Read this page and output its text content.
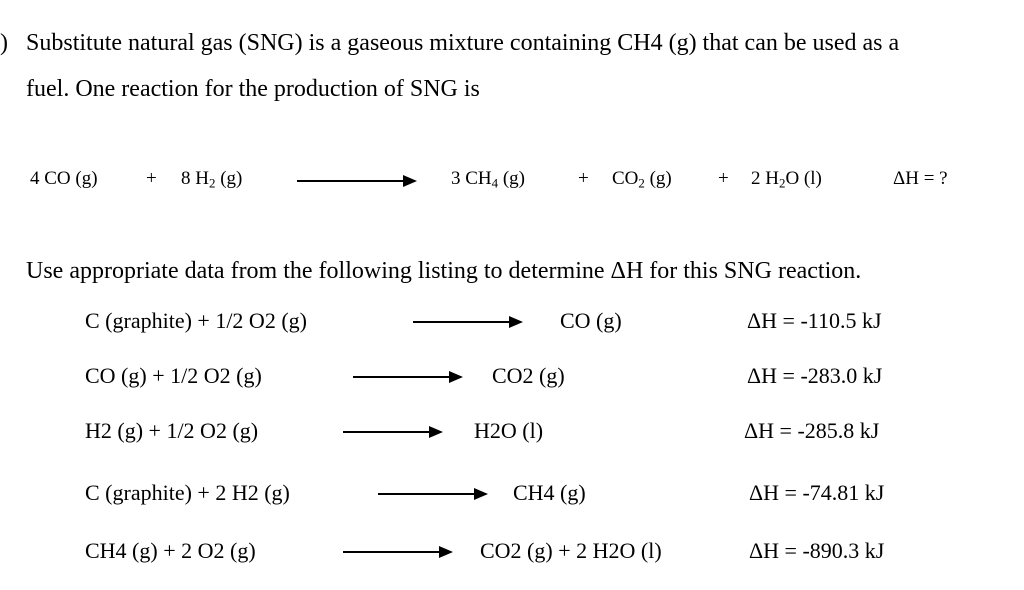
) Substitute natural gas (SNG) is a gaseous mixture containing CH4 (g) that can be used as a
fuel. One reaction for the production of SNG is
4 CO (g)	+ 8 $H_2$ (g)	3 $CH_4$ (g)	+ $CO_2$ (g) + 2 $H_2O$ (l)	ΔH = ?
Use appropriate data from the following listing to determine ΔH for this SNG reaction.
C (graphite) + 1/2 O2 (g)	CO (g)	ΔH = -110.5 kJ
CO (g) + 1/2 O2 (g)	CO2 (g)	ΔH = -283.0 kJ
H2 (g) + 1/2 O2 (g)	H2O (l)	ΔH = -285.8 kJ
C (graphite) + 2 H2 (g)	CH4 (g)	ΔH = -74.81 kJ
CH4 (g) + 2 O2 (g)	CO2 (g) + 2 H2O (l)	ΔH = -890.3 kJ
